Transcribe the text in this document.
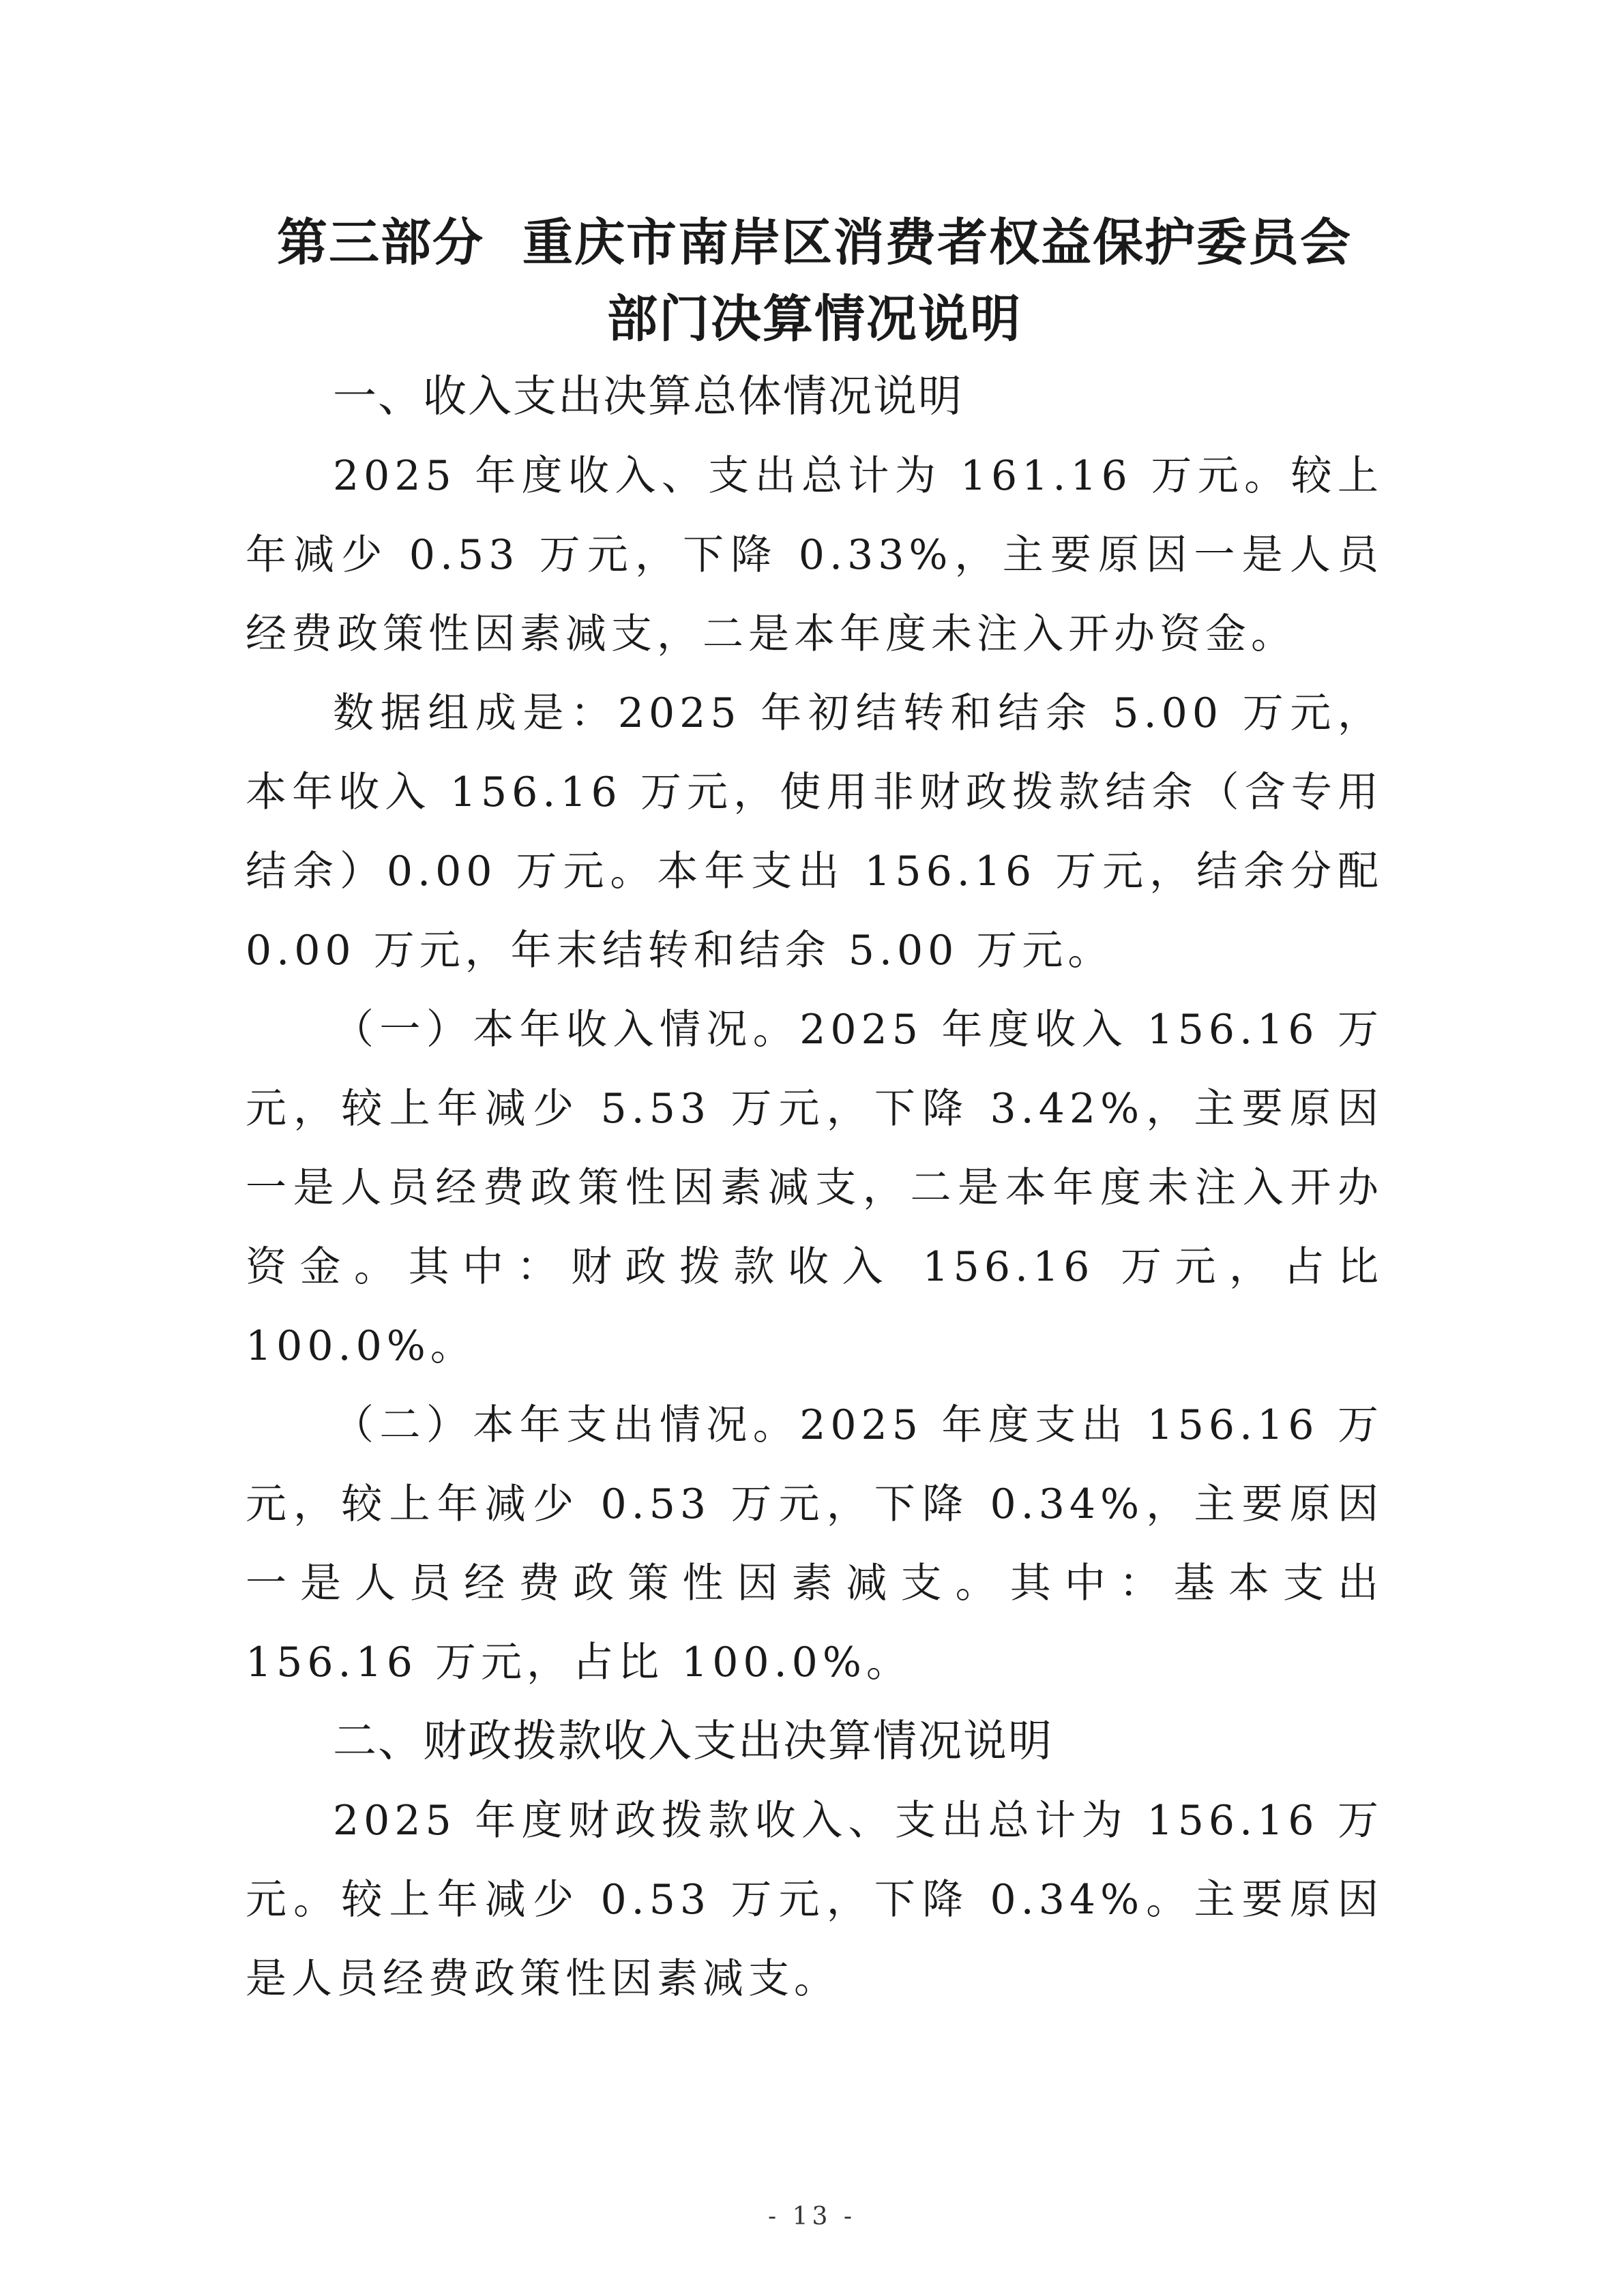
第三部分 重庆市南岸区消费者权益保护委员会
部门决算情况说明
一、收入支出决算总体情况说明

2025 年度收入、支出总计为 161.16 万元。较上年减少 0.53 万元，下降 0.33%，主要原因一是人员经费政策性因素减支，二是本年度未注入开办资金。

数据组成是：2025 年初结转和结余 5.00 万元，本年收入 156.16 万元，使用非财政拨款结余（含专用结余）0.00 万元。本年支出 156.16 万元，结余分配 0.00 万元，年末结转和结余 5.00 万元。

（一）本年收入情况。2025 年度收入 156.16 万元，较上年减少 5.53 万元，下降 3.42%，主要原因一是人员经费政策性因素减支，二是本年度未注入开办资金。其中：财政拨款收入 156.16 万元，占比 100.0%。

（二）本年支出情况。2025 年度支出 156.16 万元，较上年减少 0.53 万元，下降 0.34%，主要原因一是人员经费政策性因素减支。其中：基本支出 156.16 万元，占比 100.0%。

二、财政拨款收入支出决算情况说明

2025 年度财政拨款收入、支出总计为 156.16 万元。较上年减少 0.53 万元，下降 0.34%。主要原因是人员经费政策性因素减支。

- 13 -
